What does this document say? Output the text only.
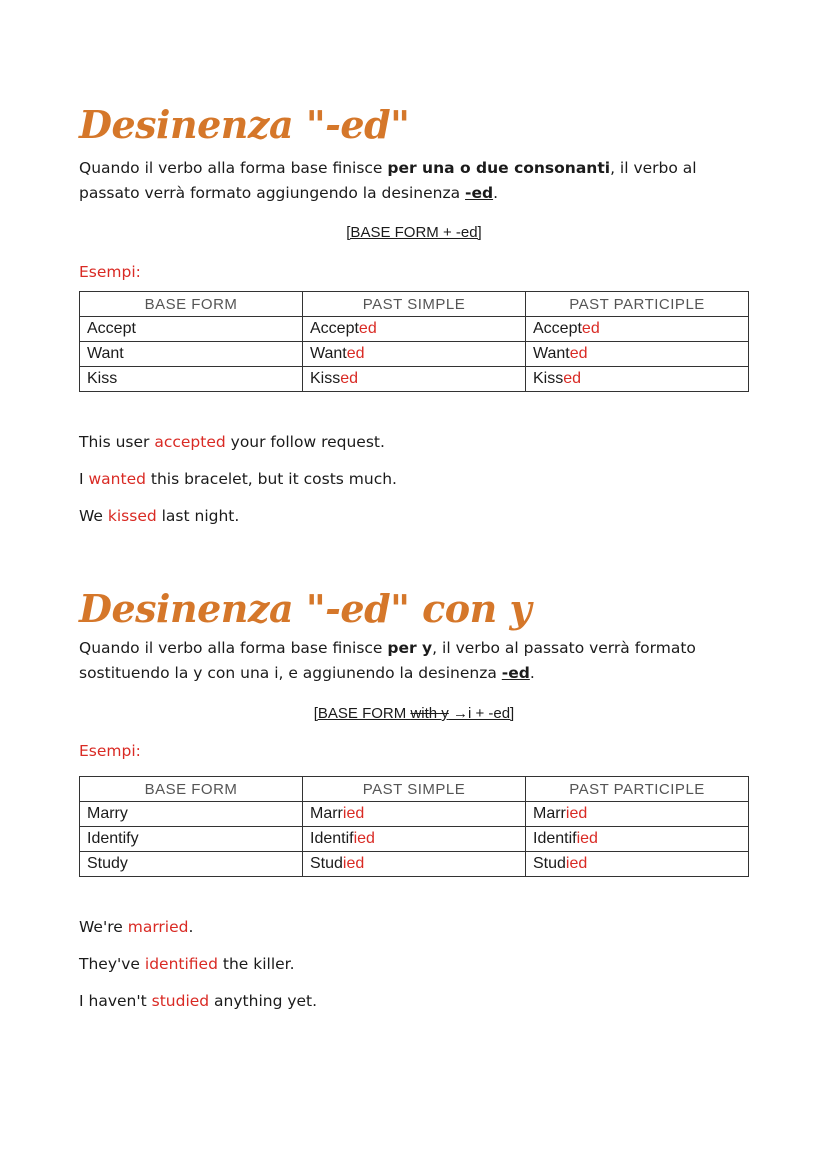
Desinenza "-ed"

Quando il verbo alla forma base finisce per una o due consonanti, il verbo al passato verrà formato aggiungendo la desinenza -ed.

[BASE FORM + -ed]

Esempi:

BASE FORM	PAST SIMPLE	PAST PARTICIPLE
Accept	Accepted	Accepted
Want	Wanted	Wanted
Kiss	Kissed	Kissed

This user accepted your follow request.

I wanted this bracelet, but it costs much.

We kissed last night.

Desinenza "-ed" con y

Quando il verbo alla forma base finisce per y, il verbo al passato verrà formato sostituendo la y con una i, e aggiunendo la desinenza -ed.

[BASE FORM with y →i + -ed]

Esempi:

BASE FORM	PAST SIMPLE	PAST PARTICIPLE
Marry	Married	Married
Identify	Identified	Identified
Study	Studied	Studied

We're married.

They've identified the killer.

I haven't studied anything yet.
